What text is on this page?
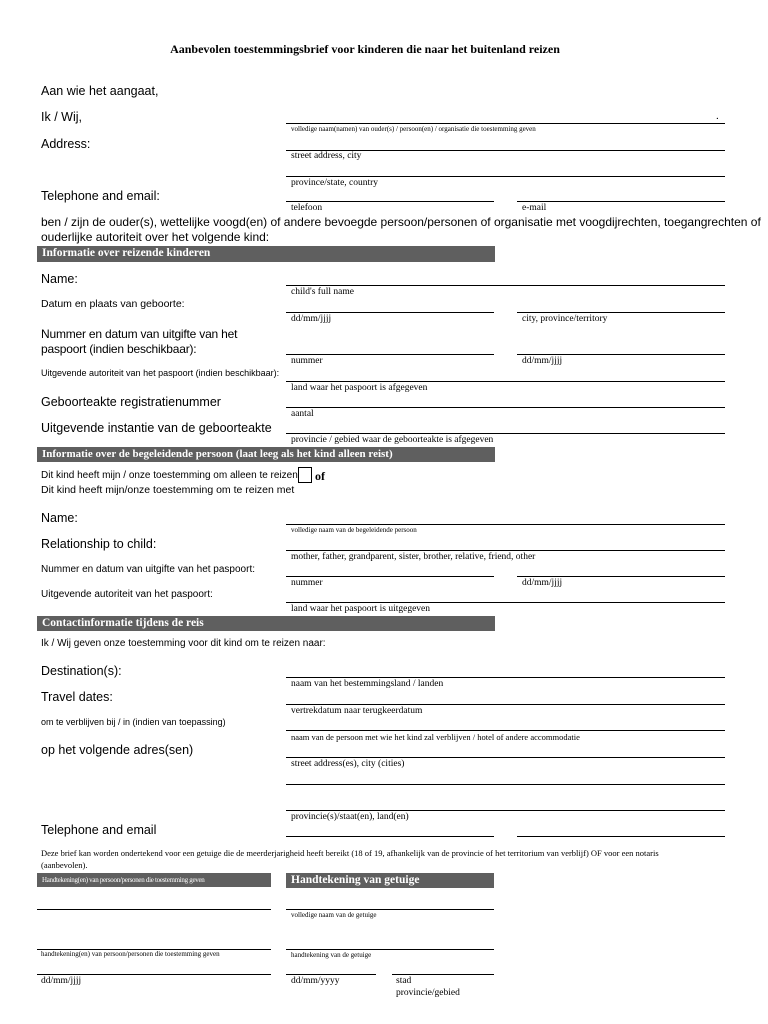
Aanbevolen toestemmingsbrief voor kinderen die naar het buitenland reizen
Aan wie het aangaat,
Ik / Wij,	.
volledige naam(namen) van ouder(s) / persoon(en) / organisatie die toestemming geven
Address:
street address, city
province/state, country
Telephone and email:
telefoon	e-mail
ben / zijn de ouder(s), wettelijke voogd(en) of andere bevoegde persoon/personen of organisatie met voogdijrechten, toegangrechten of ouderlijke autoriteit over het volgende kind:
Informatie over reizende kinderen
Name:
child's full name
Datum en plaats van geboorte:
dd/mm/jjjj	city, province/territory
Nummer en datum van uitgifte van het paspoort (indien beschikbaar):
nummer	dd/mm/jjjj
Uitgevende autoriteit van het paspoort (indien beschikbaar):
land waar het paspoort is afgegeven
Geboorteakte registratienummer
aantal
Uitgevende instantie van de geboorteakte
provincie / gebied waar de geboorteakte is afgegeven
Informatie over de begeleidende persoon (laat leeg als het kind alleen reist)
Dit kind heeft mijn / onze toestemming om alleen te reizen of
Dit kind heeft mijn/onze toestemming om te reizen met
Name:
volledige naam van de begeleidende persoon
Relationship to child:
mother, father, grandparent, sister, brother, relative, friend, other
Nummer en datum van uitgifte van het paspoort:
nummer	dd/mm/jjjj
Uitgevende autoriteit van het paspoort:
land waar het paspoort is uitgegeven
Contactinformatie tijdens de reis
Ik / Wij geven onze toestemming voor dit kind om te reizen naar:
Destination(s):
naam van het bestemmingsland / landen
Travel dates:
vertrekdatum naar terugkeerdatum
om te verblijven bij / in (indien van toepassing)
naam van de persoon met wie het kind zal verblijven / hotel of andere accommodatie
op het volgende adres(sen)
street address(es), city (cities)
provincie(s)/staat(en), land(en)
Telephone and email
Deze brief kan worden ondertekend voor een getuige die de meerderjarigheid heeft bereikt (18 of 19, afhankelijk van de provincie of het territorium van verblijf) OF voor een notaris (aanbevolen).
Handtekening(en) van persoon/personen die toestemming geven	Handtekening van getuige
volledige naam van de getuige
handtekening(en) van persoon/personen die toestemming geven	handtekening van de getuige
dd/mm/jjjj	dd/mm/yyyy	stad
provincie/gebied
